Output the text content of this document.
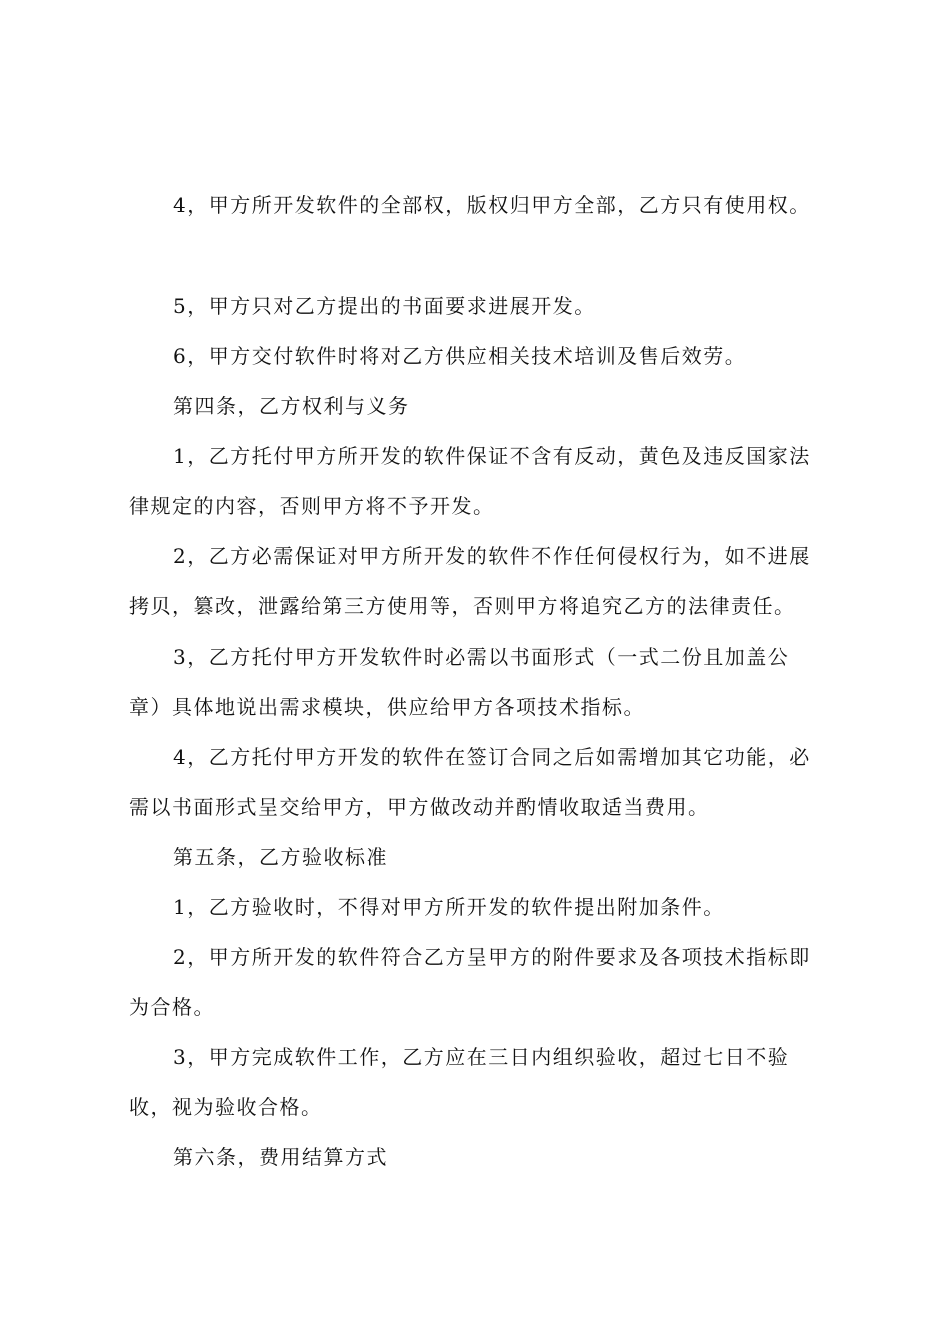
4，甲方所开发软件的全部权，版权归甲方全部，乙方只有使用权。
5，甲方只对乙方提出的书面要求进展开发。
6，甲方交付软件时将对乙方供应相关技术培训及售后效劳。
第四条，乙方权利与义务
1，乙方托付甲方所开发的软件保证不含有反动，黄色及违反国家法
律规定的内容，否则甲方将不予开发。
2，乙方必需保证对甲方所开发的软件不作任何侵权行为，如不进展
拷贝，篡改，泄露给第三方使用等，否则甲方将追究乙方的法律责任。
3，乙方托付甲方开发软件时必需以书面形式（一式二份且加盖公
章）具体地说出需求模块，供应给甲方各项技术指标。
4，乙方托付甲方开发的软件在签订合同之后如需增加其它功能，必
需以书面形式呈交给甲方，甲方做改动并酌情收取适当费用。
第五条，乙方验收标准
1，乙方验收时，不得对甲方所开发的软件提出附加条件。
2，甲方所开发的软件符合乙方呈甲方的附件要求及各项技术指标即
为合格。
3，甲方完成软件工作，乙方应在三日内组织验收，超过七日不验
收，视为验收合格。
第六条，费用结算方式
